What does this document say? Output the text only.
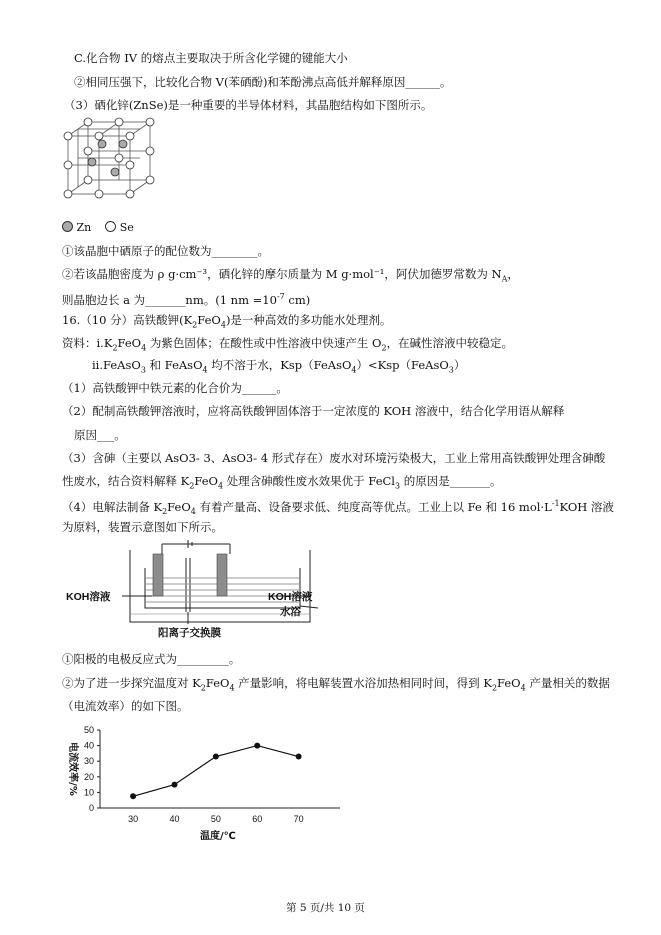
C.化合物 IV 的熔点主要取决于所含化学键的键能大小
②相同压强下，比较化合物 V(苯硒酚)和苯酚沸点高低并解释原因______。
（3）硒化锌(ZnSe)是一种重要的半导体材料，其晶胞结构如下图所示。
Zn	Se
①该晶胞中硒原子的配位数为________。
②若该晶胞密度为 ρ g·cm⁻³，硒化锌的摩尔质量为 M g·mol⁻¹，阿伏加德罗常数为 $N_A$，
则晶胞边长 a 为_______nm。(1 nm $=10^{-7}$ cm)
16.（10 分）高铁酸钾$(K_2FeO_4)$是一种高效的多功能水处理剂。
资料：$i.K_2FeO_4$ 为紫色固体；在酸性或中性溶液中快速产生 $O_2$，在碱性溶液中较稳定。
ii.FeAsO$_3$ 和 FeAsO$_4$ 均不溶于水，Ksp（FeAsO$_4$）<Ksp（FeAsO$_3$）
（1）高铁酸钾中铁元素的化合价为______。
（2）配制高铁酸钾溶液时，应将高铁酸钾固体溶于一定浓度的 KOH 溶液中，结合化学用语从解释
原因___。
（3）含砷（主要以 AsO3- 3、AsO3- 4 形式存在）废水对环境污染极大，工业上常用高铁酸钾处理含砷酸
性废水，结合资料解释 $K_2FeO_4$ 处理含砷酸性废水效果优于 FeCl$_3$ 的原因是_______。
（4）电解法制备 $K_2FeO_4$ 有着产量高、设备要求低、纯度高等优点。工业上以 Fe 和 16 $mol\cdot L^{-1}KOH$ 溶液
为原料，装置示意图如下所示。
KOH溶液	KOH溶液
水浴
阳离子交换膜
①阳极的电极反应式为_________。
②为了进一步探究温度对 $K_2FeO_4$ 产量影响，将电解装置水浴加热相同时间，得到 $K_2FeO_4$ 产量相关的数据
（电流效率）的如下图。
0
10
20
30
40
50
30	40	50	60	70
温度/℃
电流效率/%
第 5 页/共 10 页
